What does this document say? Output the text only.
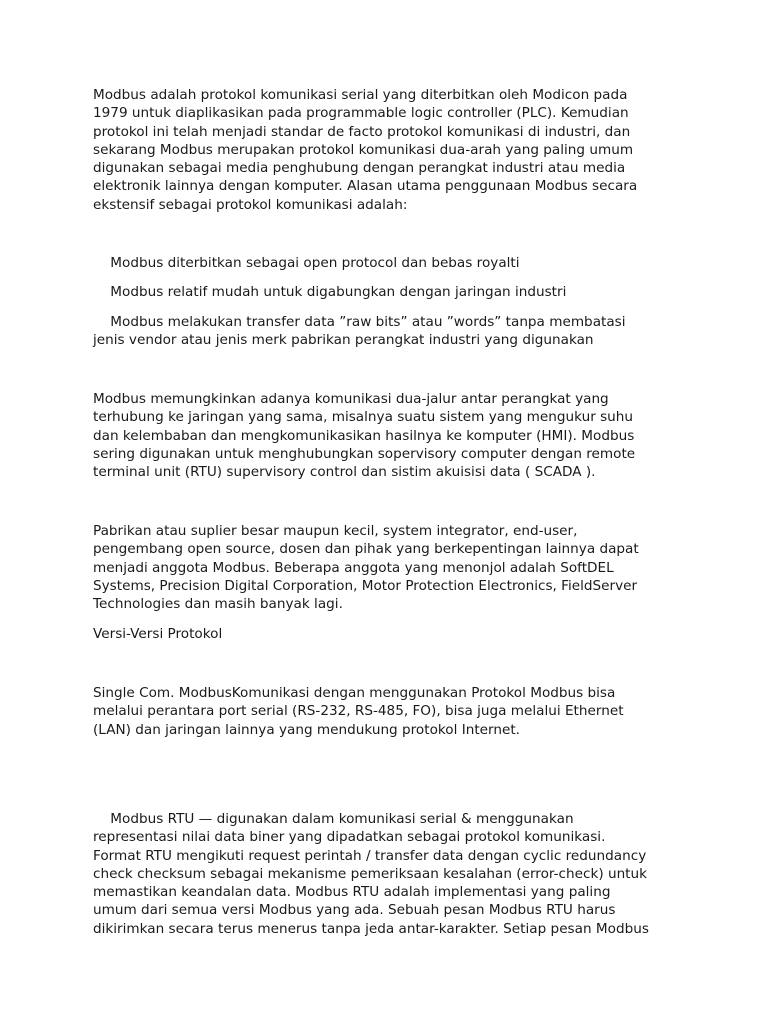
Modbus adalah protokol komunikasi serial yang diterbitkan oleh Modicon pada
1979 untuk diaplikasikan pada programmable logic controller (PLC). Kemudian
protokol ini telah menjadi standar de facto protokol komunikasi di industri, dan
sekarang Modbus merupakan protokol komunikasi dua-arah yang paling umum
digunakan sebagai media penghubung dengan perangkat industri atau media
elektronik lainnya dengan komputer. Alasan utama penggunaan Modbus secara
ekstensif sebagai protokol komunikasi adalah:
Modbus diterbitkan sebagai open protocol dan bebas royalti
Modbus relatif mudah untuk digabungkan dengan jaringan industri
Modbus melakukan transfer data ”raw bits” atau ”words” tanpa membatasi
jenis vendor atau jenis merk pabrikan perangkat industri yang digunakan
Modbus memungkinkan adanya komunikasi dua-jalur antar perangkat yang
terhubung ke jaringan yang sama, misalnya suatu sistem yang mengukur suhu
dan kelembaban dan mengkomunikasikan hasilnya ke komputer (HMI). Modbus
sering digunakan untuk menghubungkan sopervisory computer dengan remote
terminal unit (RTU) supervisory control dan sistim akuisisi data ( SCADA ).
Pabrikan atau suplier besar maupun kecil, system integrator, end-user,
pengembang open source, dosen dan pihak yang berkepentingan lainnya dapat
menjadi anggota Modbus. Beberapa anggota yang menonjol adalah SoftDEL
Systems, Precision Digital Corporation, Motor Protection Electronics, FieldServer
Technologies dan masih banyak lagi.
Versi-Versi Protokol
Single Com. ModbusKomunikasi dengan menggunakan Protokol Modbus bisa
melalui perantara port serial (RS-232, RS-485, FO), bisa juga melalui Ethernet
(LAN) dan jaringan lainnya yang mendukung protokol Internet.
Modbus RTU — digunakan dalam komunikasi serial & menggunakan
representasi nilai data biner yang dipadatkan sebagai protokol komunikasi.
Format RTU mengikuti request perintah / transfer data dengan cyclic redundancy
check checksum sebagai mekanisme pemeriksaan kesalahan (error-check) untuk
memastikan keandalan data. Modbus RTU adalah implementasi yang paling
umum dari semua versi Modbus yang ada. Sebuah pesan Modbus RTU harus
dikirimkan secara terus menerus tanpa jeda antar-karakter. Setiap pesan Modbus
